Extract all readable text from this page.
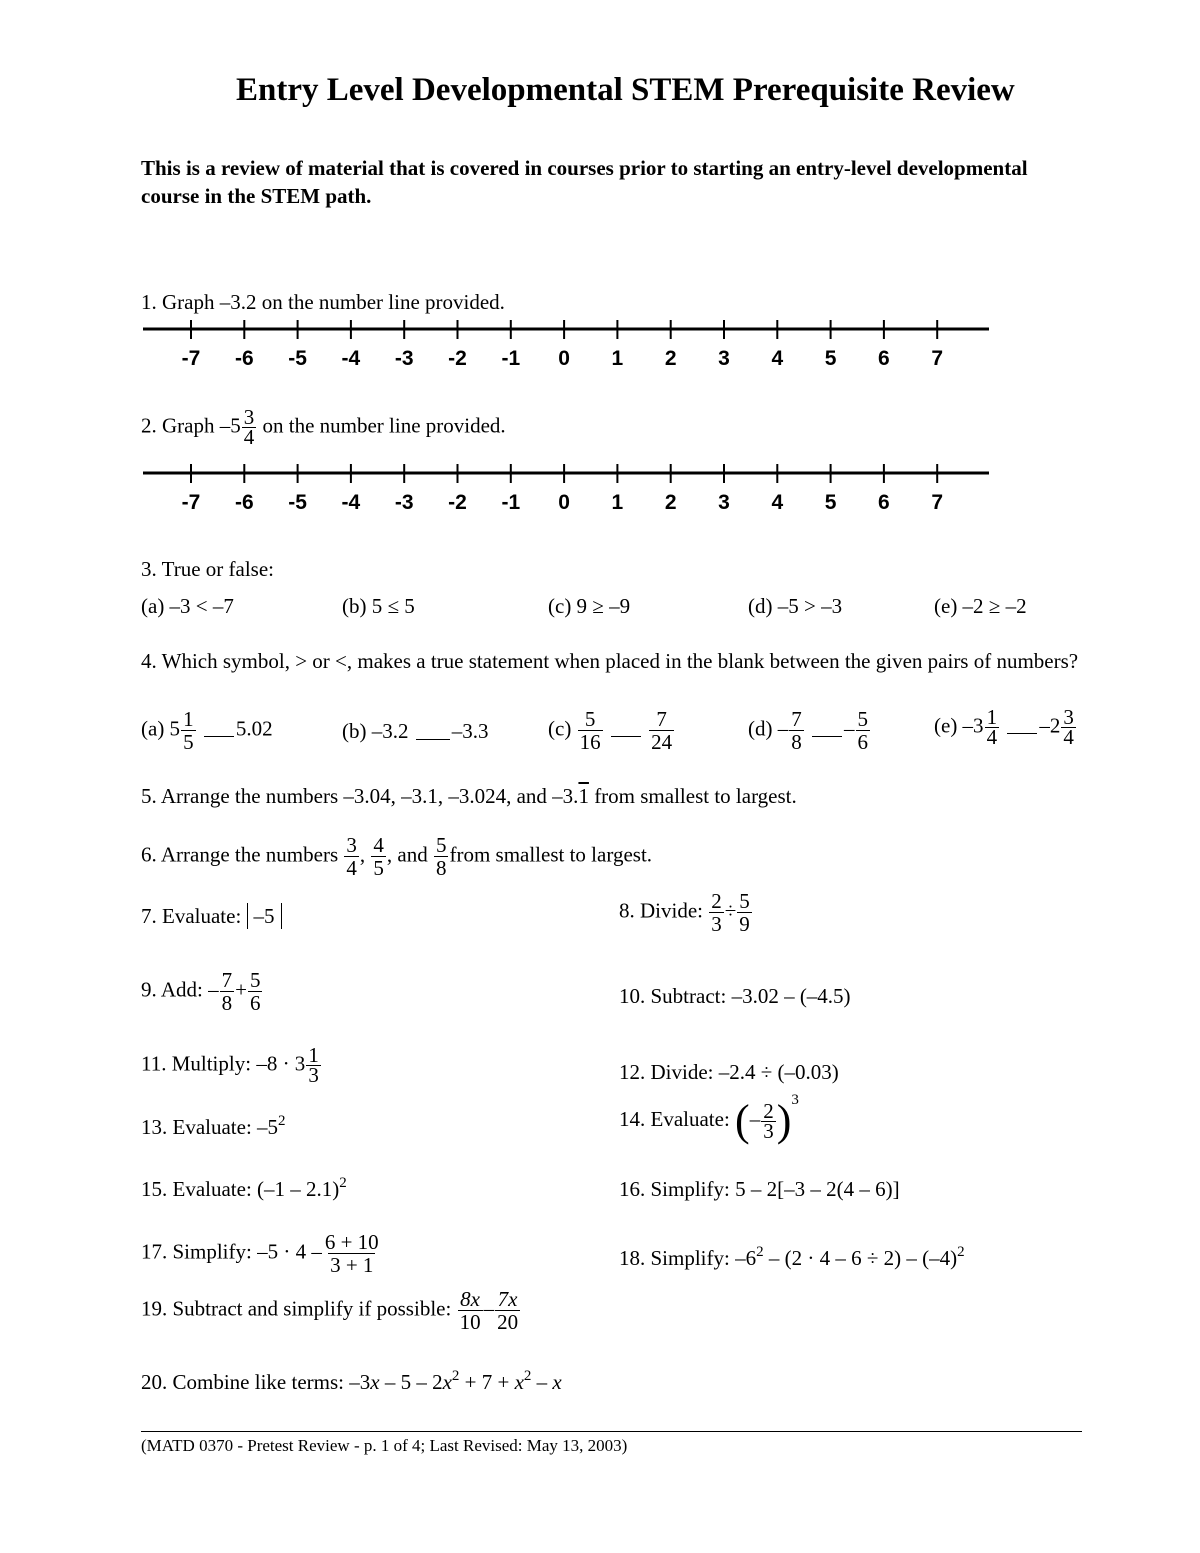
Entry Level Developmental STEM Prerequisite Review
This is a review of material that is covered in courses prior to starting an entry-level developmental course in the STEM path.
1. Graph –3.2 on the number line provided.
-7 -6 -5 -4 -3 -2 -1 0 1 2 3 4 5 6 7
2. Graph $-5 \frac{3}{4}$ on the number line provided.
-7 -6 -5 -4 -3 -2 -1 0 1 2 3 4 5 6 7
3. True or false:
(a) –3 < –7	(b) 5 ≤ 5	(c) 9 ≥ –9	(d) –5 > –3	(e) –2 ≥ –2
4. Which symbol, > or <, makes a true statement when placed in the blank between the given pairs of numbers?
(a) $5 \frac{1}{5} 5.02$	(b) –3.2 –3.3	$(c) \frac{5}{16}$
$\frac{7}{24}$	$(d) - \frac{7}{8} - \frac{5}{6}$	(e) $-3 \frac{1}{4} -2 \frac{3}{4}$
5. Arrange the numbers –3.04, –3.1, –3.024, and –3.1 from smallest to largest.
6. Arrange the numbers $\frac{3}{4}$ , $\frac{4}{5}$ , and $\frac{5}{8}$ from smallest to largest.
7. Evaluate: –5	8. Divide: $\frac{2}{3} \div \frac{5}{9}$
9. Add: – $\frac{7}{8} + \frac{5}{6}$	10. Subtract: –3.02 – (–4.5)
11. Multiply: $-8 \cdot 3 \frac{1}{3}$	12. Divide: –2.4 ÷ (–0.03)
13. Evaluate: $-5^2$	14. Evaluate: (– $\frac{2}{3} )^3$
15. Evaluate: (–1 – 2.1)$^2$	16. Simplify: 5 – 2[–3 – 2(4 – 6)]
17. Simplify: $-5 \cdot 4 - \frac{6 + 10}{3 + 1}$	18. Simplify: $-6^2 - (2 \cdot 4 - 6 \div 2) - (-4)^2$
19. Subtract and simplify if possible: $\frac{8x}{10} - \frac{7x}{20}$
20. Combine like terms: $-3x - 5 - 2x^2 + 7 + x^2 - x$
(MATD 0370 - Pretest Review - p. 1 of 4; Last Revised: May 13, 2003)
